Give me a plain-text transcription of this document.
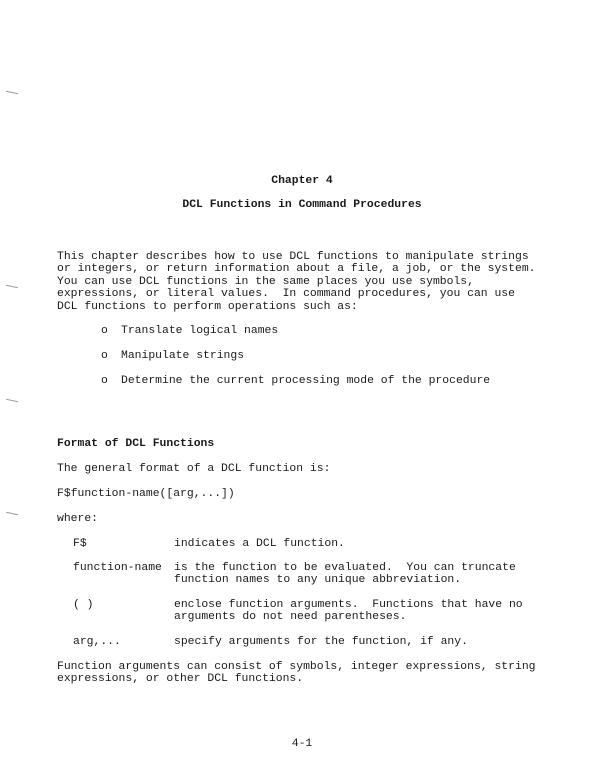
Chapter 4
DCL Functions in Command Procedures
This chapter describes how to use DCL functions to manipulate strings
or integers, or return information about a file, a job, or the system.
You can use DCL functions in the same places you use symbols,
expressions, or literal values.  In command procedures, you can use
DCL functions to perform operations such as:
o Translate logical names
o Manipulate strings
o Determine the current processing mode of the procedure
Format of DCL Functions
The general format of a DCL function is:
F$function-name([arg,...])
where:
F$	indicates a DCL function.
function-name is the function to be evaluated.  You can truncate
function names to any unique abbreviation.
( )	enclose function arguments.  Functions that have no
arguments do not need parentheses.
arg,...	specify arguments for the function, if any.
Function arguments can consist of symbols, integer expressions, string
expressions, or other DCL functions.
4-1
